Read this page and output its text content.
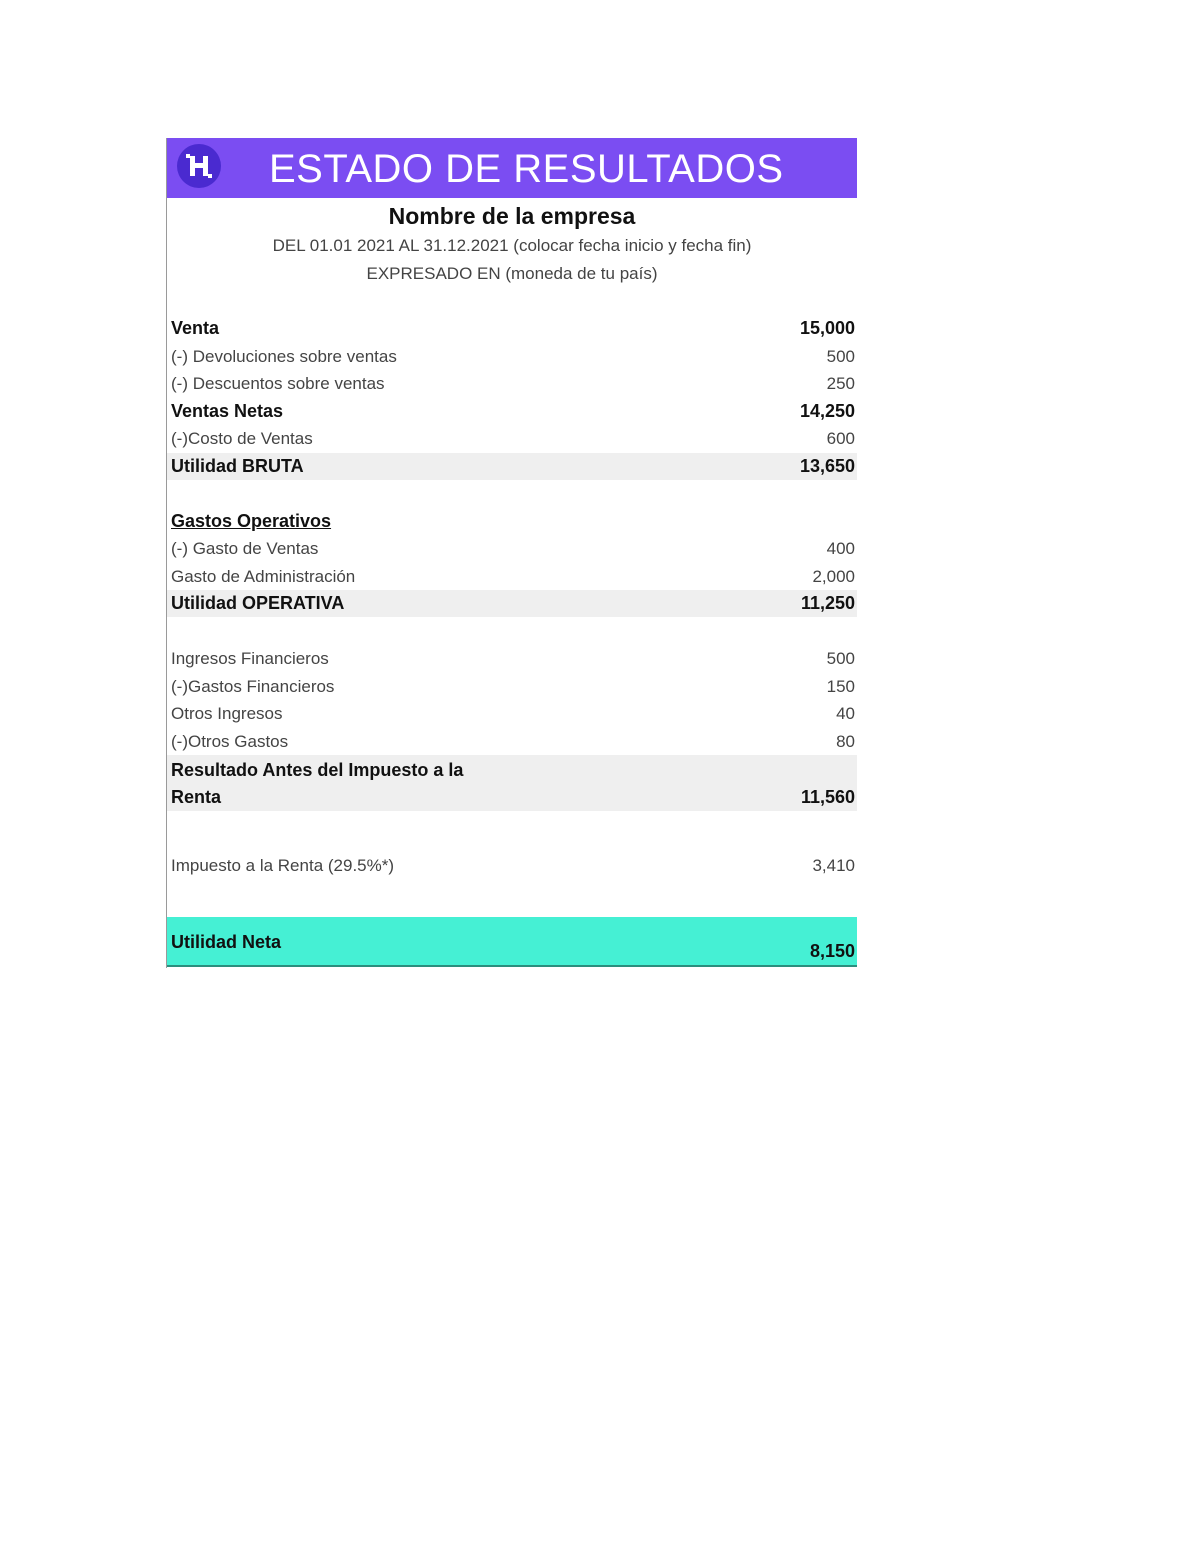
ESTADO DE RESULTADOS
Nombre de la empresa
DEL 01.01 2021 AL 31.12.2021 (colocar fecha inicio y fecha fin)
EXPRESADO EN (moneda de tu país)
Venta	15,000
(-) Devoluciones sobre ventas	500
(-) Descuentos sobre ventas	250
Ventas Netas	14,250
(-)Costo de Ventas	600
Utilidad BRUTA	13,650
Gastos Operativos
(-) Gasto de Ventas	400
Gasto de Administración	2,000
Utilidad OPERATIVA	11,250
Ingresos Financieros	500
(-)Gastos Financieros	150
Otros Ingresos	40
(-)Otros Gastos	80
Resultado Antes del Impuesto a la
Renta	11,560
Impuesto a la Renta (29.5%*)	3,410
Utilidad Neta	8,150
